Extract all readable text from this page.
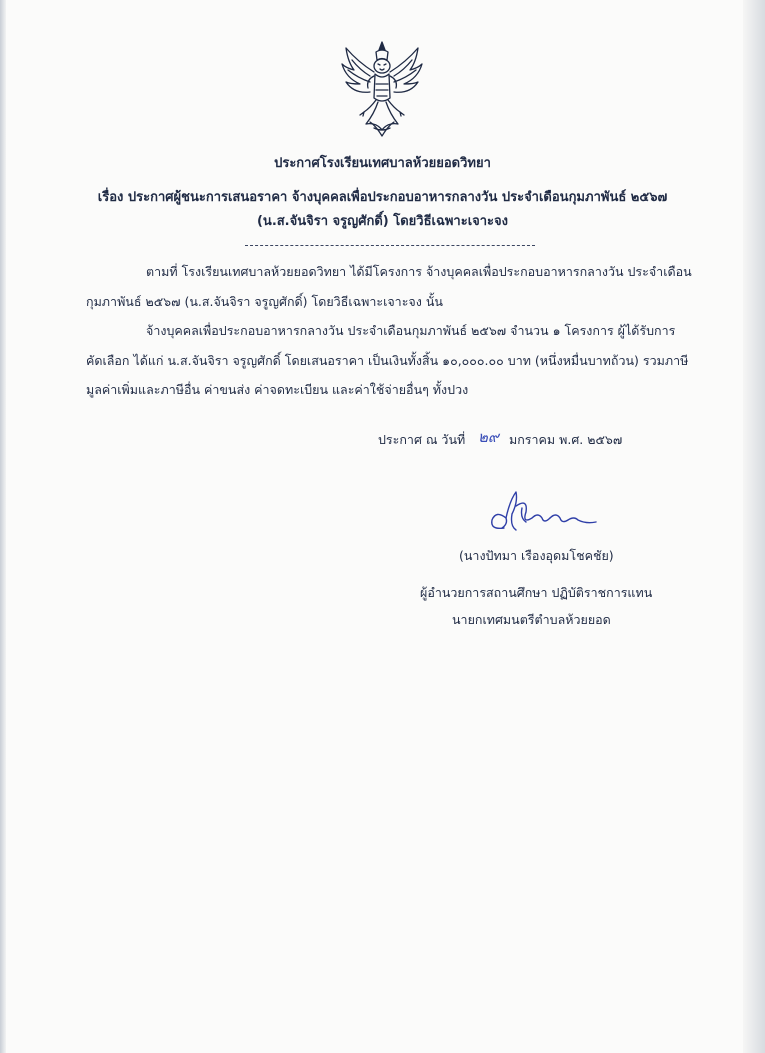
ประกาศโรงเรียนเทศบาลห้วยยอดวิทยา
เรื่อง ประกาศผู้ชนะการเสนอราคา จ้างบุคคลเพื่อประกอบอาหารกลางวัน ประจำเดือนกุมภาพันธ์ ๒๕๖๗
(น.ส.จันจิรา จรูญศักดิ์) โดยวิธีเฉพาะเจาะจง
ตามที่ โรงเรียนเทศบาลห้วยยอดวิทยา ได้มีโครงการ จ้างบุคคลเพื่อประกอบอาหารกลางวัน ประจำเดือน
กุมภาพันธ์ ๒๕๖๗ (น.ส.จันจิรา จรูญศักดิ์) โดยวิธีเฉพาะเจาะจง นั้น
จ้างบุคคลเพื่อประกอบอาหารกลางวัน ประจำเดือนกุมภาพันธ์ ๒๕๖๗ จำนวน ๑ โครงการ ผู้ได้รับการ
คัดเลือก ได้แก่ น.ส.จันจิรา จรูญศักดิ์ โดยเสนอราคา เป็นเงินทั้งสิ้น ๑๐,๐๐๐.๐๐ บาท (หนึ่งหมื่นบาทถ้วน) รวมภาษี
มูลค่าเพิ่มและภาษีอื่น ค่าขนส่ง ค่าจดทะเบียน และค่าใช้จ่ายอื่นๆ ทั้งปวง
ประกาศ ณ วันที่ ๒๙ มกราคม พ.ศ. ๒๕๖๗
(นางปัทมา เรืองอุดมโชคชัย)
ผู้อำนวยการสถานศึกษา ปฏิบัติราชการแทน
นายกเทศมนตรีตำบลห้วยยอด
